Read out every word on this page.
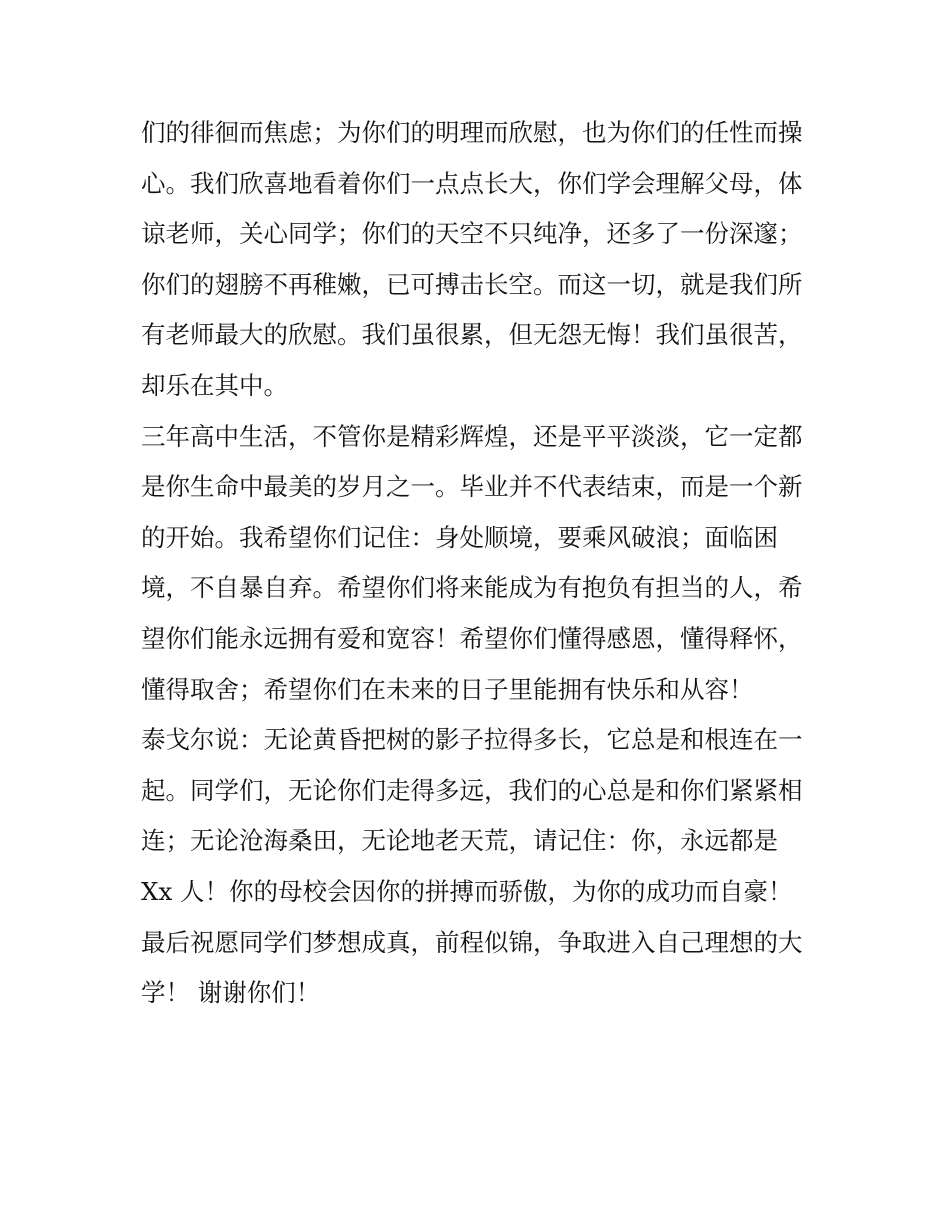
们的徘徊而焦虑；为你们的明理而欣慰，也为你们的任性而操
心。我们欣喜地看着你们一点点长大，你们学会理解父母，体
谅老师，关心同学；你们的天空不只纯净，还多了一份深邃；
你们的翅膀不再稚嫩，已可搏击长空。而这一切，就是我们所
有老师最大的欣慰。我们虽很累，但无怨无悔！我们虽很苦，
却乐在其中。
三年高中生活，不管你是精彩辉煌，还是平平淡淡，它一定都
是你生命中最美的岁月之一。毕业并不代表结束，而是一个新
的开始。我希望你们记住：身处顺境，要乘风破浪；面临困
境，不自暴自弃。希望你们将来能成为有抱负有担当的人，希
望你们能永远拥有爱和宽容！希望你们懂得感恩，懂得释怀，
懂得取舍；希望你们在未来的日子里能拥有快乐和从容！
泰戈尔说：无论黄昏把树的影子拉得多长，它总是和根连在一
起。同学们，无论你们走得多远，我们的心总是和你们紧紧相
连；无论沧海桑田，无论地老天荒，请记住：你，永远都是
Xx 人！你的母校会因你的拼搏而骄傲，为你的成功而自豪！
最后祝愿同学们梦想成真，前程似锦，争取进入自己理想的大
学！ 谢谢你们！
